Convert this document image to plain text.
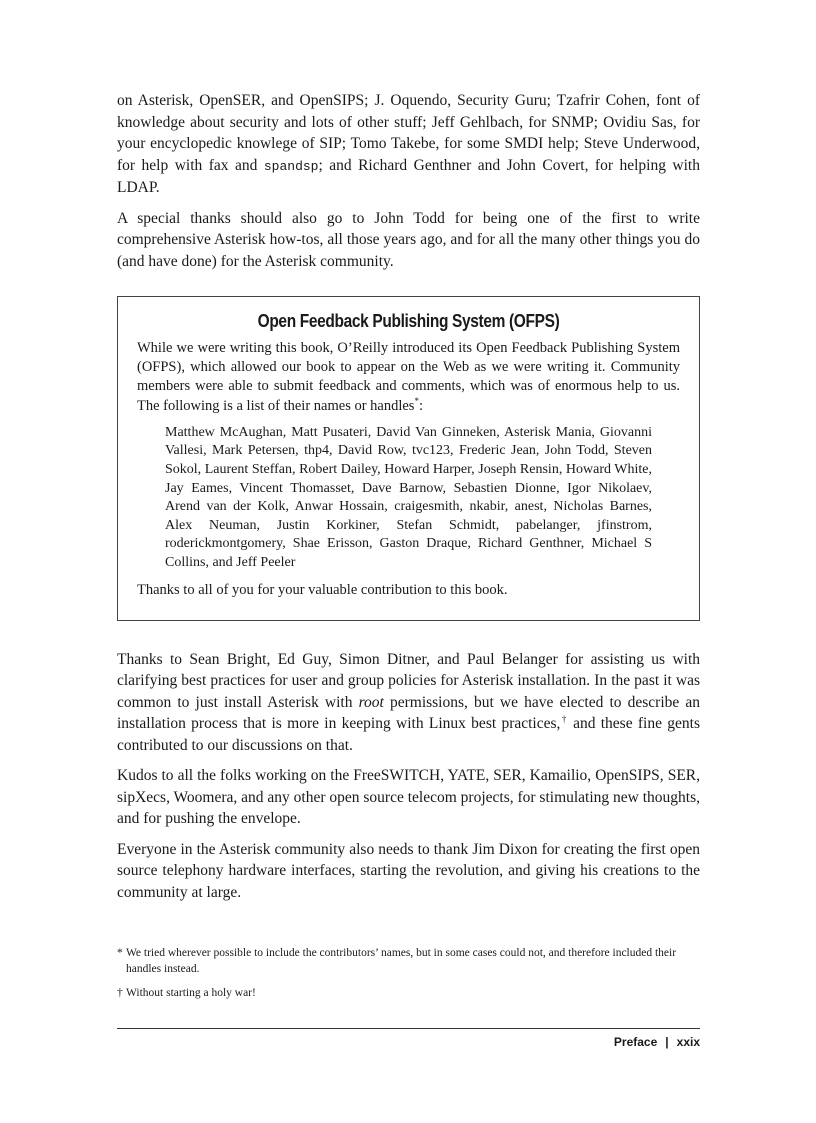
on Asterisk, OpenSER, and OpenSIPS; J. Oquendo, Security Guru; Tzafrir Cohen, font of knowledge about security and lots of other stuff; Jeff Gehlbach, for SNMP; Ovidiu Sas, for your encyclopedic knowlege of SIP; Tomo Takebe, for some SMDI help; Steve Underwood, for help with fax and spandsp; and Richard Genthner and John Covert, for helping with LDAP.

A special thanks should also go to John Todd for being one of the first to write comprehensive Asterisk how-tos, all those years ago, and for all the many other things you do (and have done) for the Asterisk community.

Open Feedback Publishing System (OFPS)

While we were writing this book, O’Reilly introduced its Open Feedback Publishing System (OFPS), which allowed our book to appear on the Web as we were writing it. Community members were able to submit feedback and comments, which was of enormous help to us. The following is a list of their names or handles*:

Matthew McAughan, Matt Pusateri, David Van Ginneken, Asterisk Mania, Giovanni Vallesi, Mark Petersen, thp4, David Row, tvc123, Frederic Jean, John Todd, Steven Sokol, Laurent Steffan, Robert Dailey, Howard Harper, Joseph Rensin, Howard White, Jay Eames, Vincent Thomasset, Dave Barnow, Sebastien Dionne, Igor Nikolaev, Arend van der Kolk, Anwar Hossain, craigesmith, nkabir, anest, Nicholas Barnes, Alex Neuman, Justin Korkiner, Stefan Schmidt, pabelanger, jfinstrom, roderickmontgomery, Shae Erisson, Gaston Draque, Richard Genthner, Michael S Collins, and Jeff Peeler

Thanks to all of you for your valuable contribution to this book.

Thanks to Sean Bright, Ed Guy, Simon Ditner, and Paul Belanger for assisting us with clarifying best practices for user and group policies for Asterisk installation. In the past it was common to just install Asterisk with root permissions, but we have elected to describe an installation process that is more in keeping with Linux best practices,† and these fine gents contributed to our discussions on that.

Kudos to all the folks working on the FreeSWITCH, YATE, SER, Kamailio, OpenSIPS, SER, sipXecs, Woomera, and any other open source telecom projects, for stimulating new thoughts, and for pushing the envelope.

Everyone in the Asterisk community also needs to thank Jim Dixon for creating the first open source telephony hardware interfaces, starting the revolution, and giving his creations to the community at large.

* We tried wherever possible to include the contributors’ names, but in some cases could not, and therefore included their handles instead.
† Without starting a holy war!
Preface | xxix
